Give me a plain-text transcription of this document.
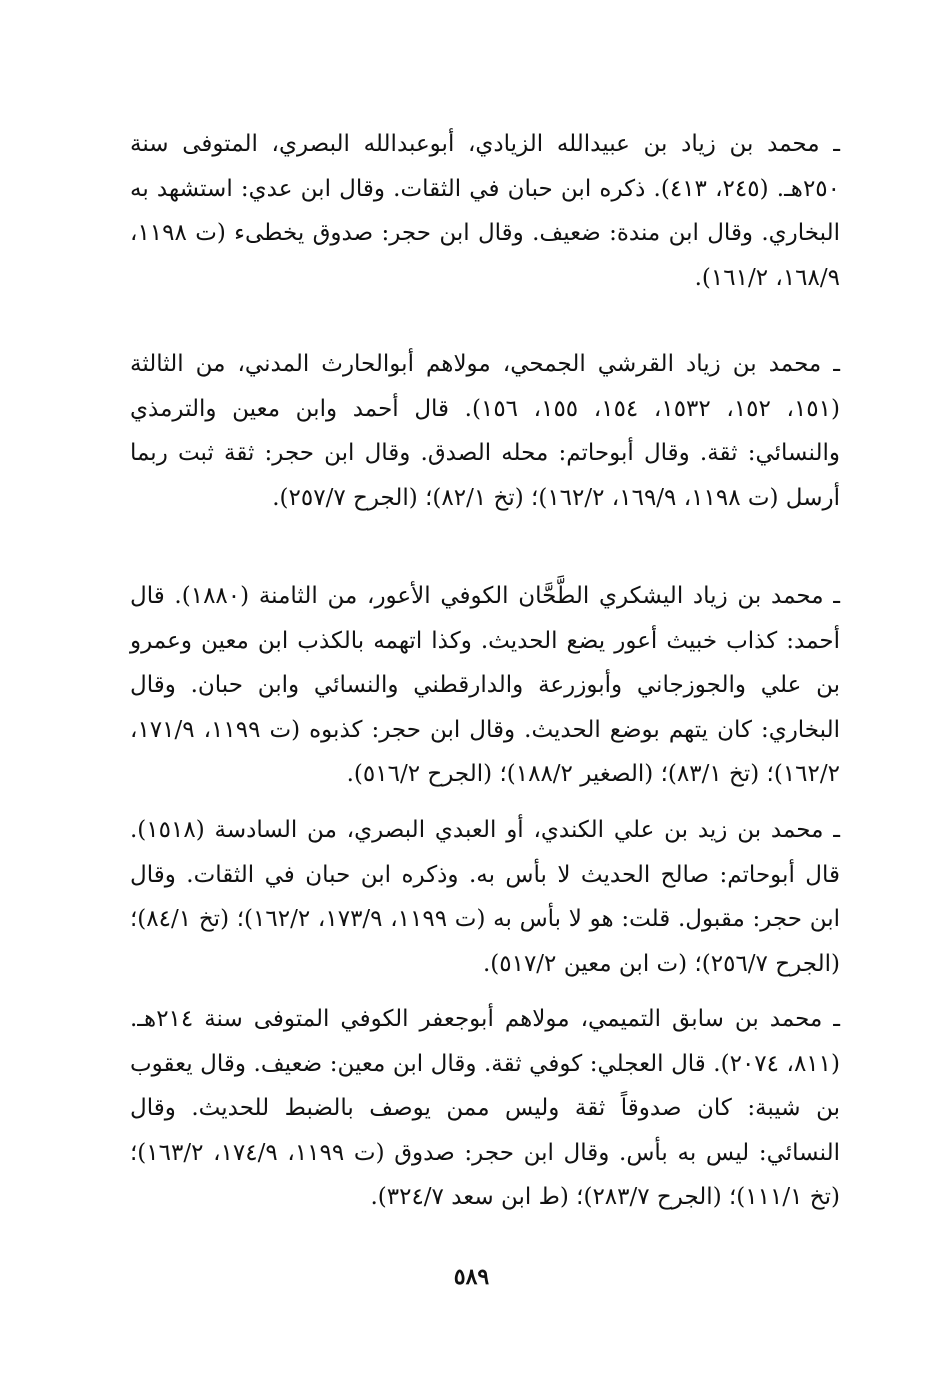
ـ محمد بن زياد بن عبيدالله الزيادي، أبوعبدالله البصري، المتوفى سنة ٢٥٠هـ. (٢٤٥، ٤١٣). ذكره ابن حبان في الثقات. وقال ابن عدي: استشهد به البخاري. وقال ابن مندة: ضعيف. وقال ابن حجر: صدوق يخطىء (ت ١١٩٨، ١٦٨/٩، ١٦١/٢).

ـ محمد بن زياد القرشي الجمحي، مولاهم أبوالحارث المدني، من الثالثة (١٥١، ١٥٢، ١٥٣٢، ١٥٤، ١٥٥، ١٥٦). قال أحمد وابن معين والترمذي والنسائي: ثقة. وقال أبوحاتم: محله الصدق. وقال ابن حجر: ثقة ثبت ربما أرسل (ت ١١٩٨، ١٦٩/٩، ١٦٢/٢)؛ (تخ ٨٢/١)؛ (الجرح ٢٥٧/٧).

ـ محمد بن زياد اليشكري الطَّحَّان الكوفي الأعور، من الثامنة (١٨٨٠). قال أحمد: كذاب خبيث أعور يضع الحديث. وكذا اتهمه بالكذب ابن معين وعمرو بن علي والجوزجاني وأبوزرعة والدارقطني والنسائي وابن حبان. وقال البخاري: كان يتهم بوضع الحديث. وقال ابن حجر: كذبوه (ت ١١٩٩، ١٧١/٩، ١٦٢/٢)؛ (تخ ٨٣/١)؛ (الصغير ١٨٨/٢)؛ (الجرح ٥١٦/٢).

ـ محمد بن زيد بن علي الكندي، أو العبدي البصري، من السادسة (١٥١٨). قال أبوحاتم: صالح الحديث لا بأس به. وذكره ابن حبان في الثقات. وقال ابن حجر: مقبول. قلت: هو لا بأس به (ت ١١٩٩، ١٧٣/٩، ١٦٢/٢)؛ (تخ ٨٤/١)؛ (الجرح ٢٥٦/٧)؛ (ت ابن معين ٥١٧/٢).

ـ محمد بن سابق التميمي، مولاهم أبوجعفر الكوفي المتوفى سنة ٢١٤هـ. (٨١١، ٢٠٧٤). قال العجلي: كوفي ثقة. وقال ابن معين: ضعيف. وقال يعقوب بن شيبة: كان صدوقاً ثقة وليس ممن يوصف بالضبط للحديث. وقال النسائي: ليس به بأس. وقال ابن حجر: صدوق (ت ١١٩٩، ١٧٤/٩، ١٦٣/٢)؛ (تخ ١١١/١)؛ (الجرح ٢٨٣/٧)؛ (ط ابن سعد ٣٢٤/٧).

٥٨٩
